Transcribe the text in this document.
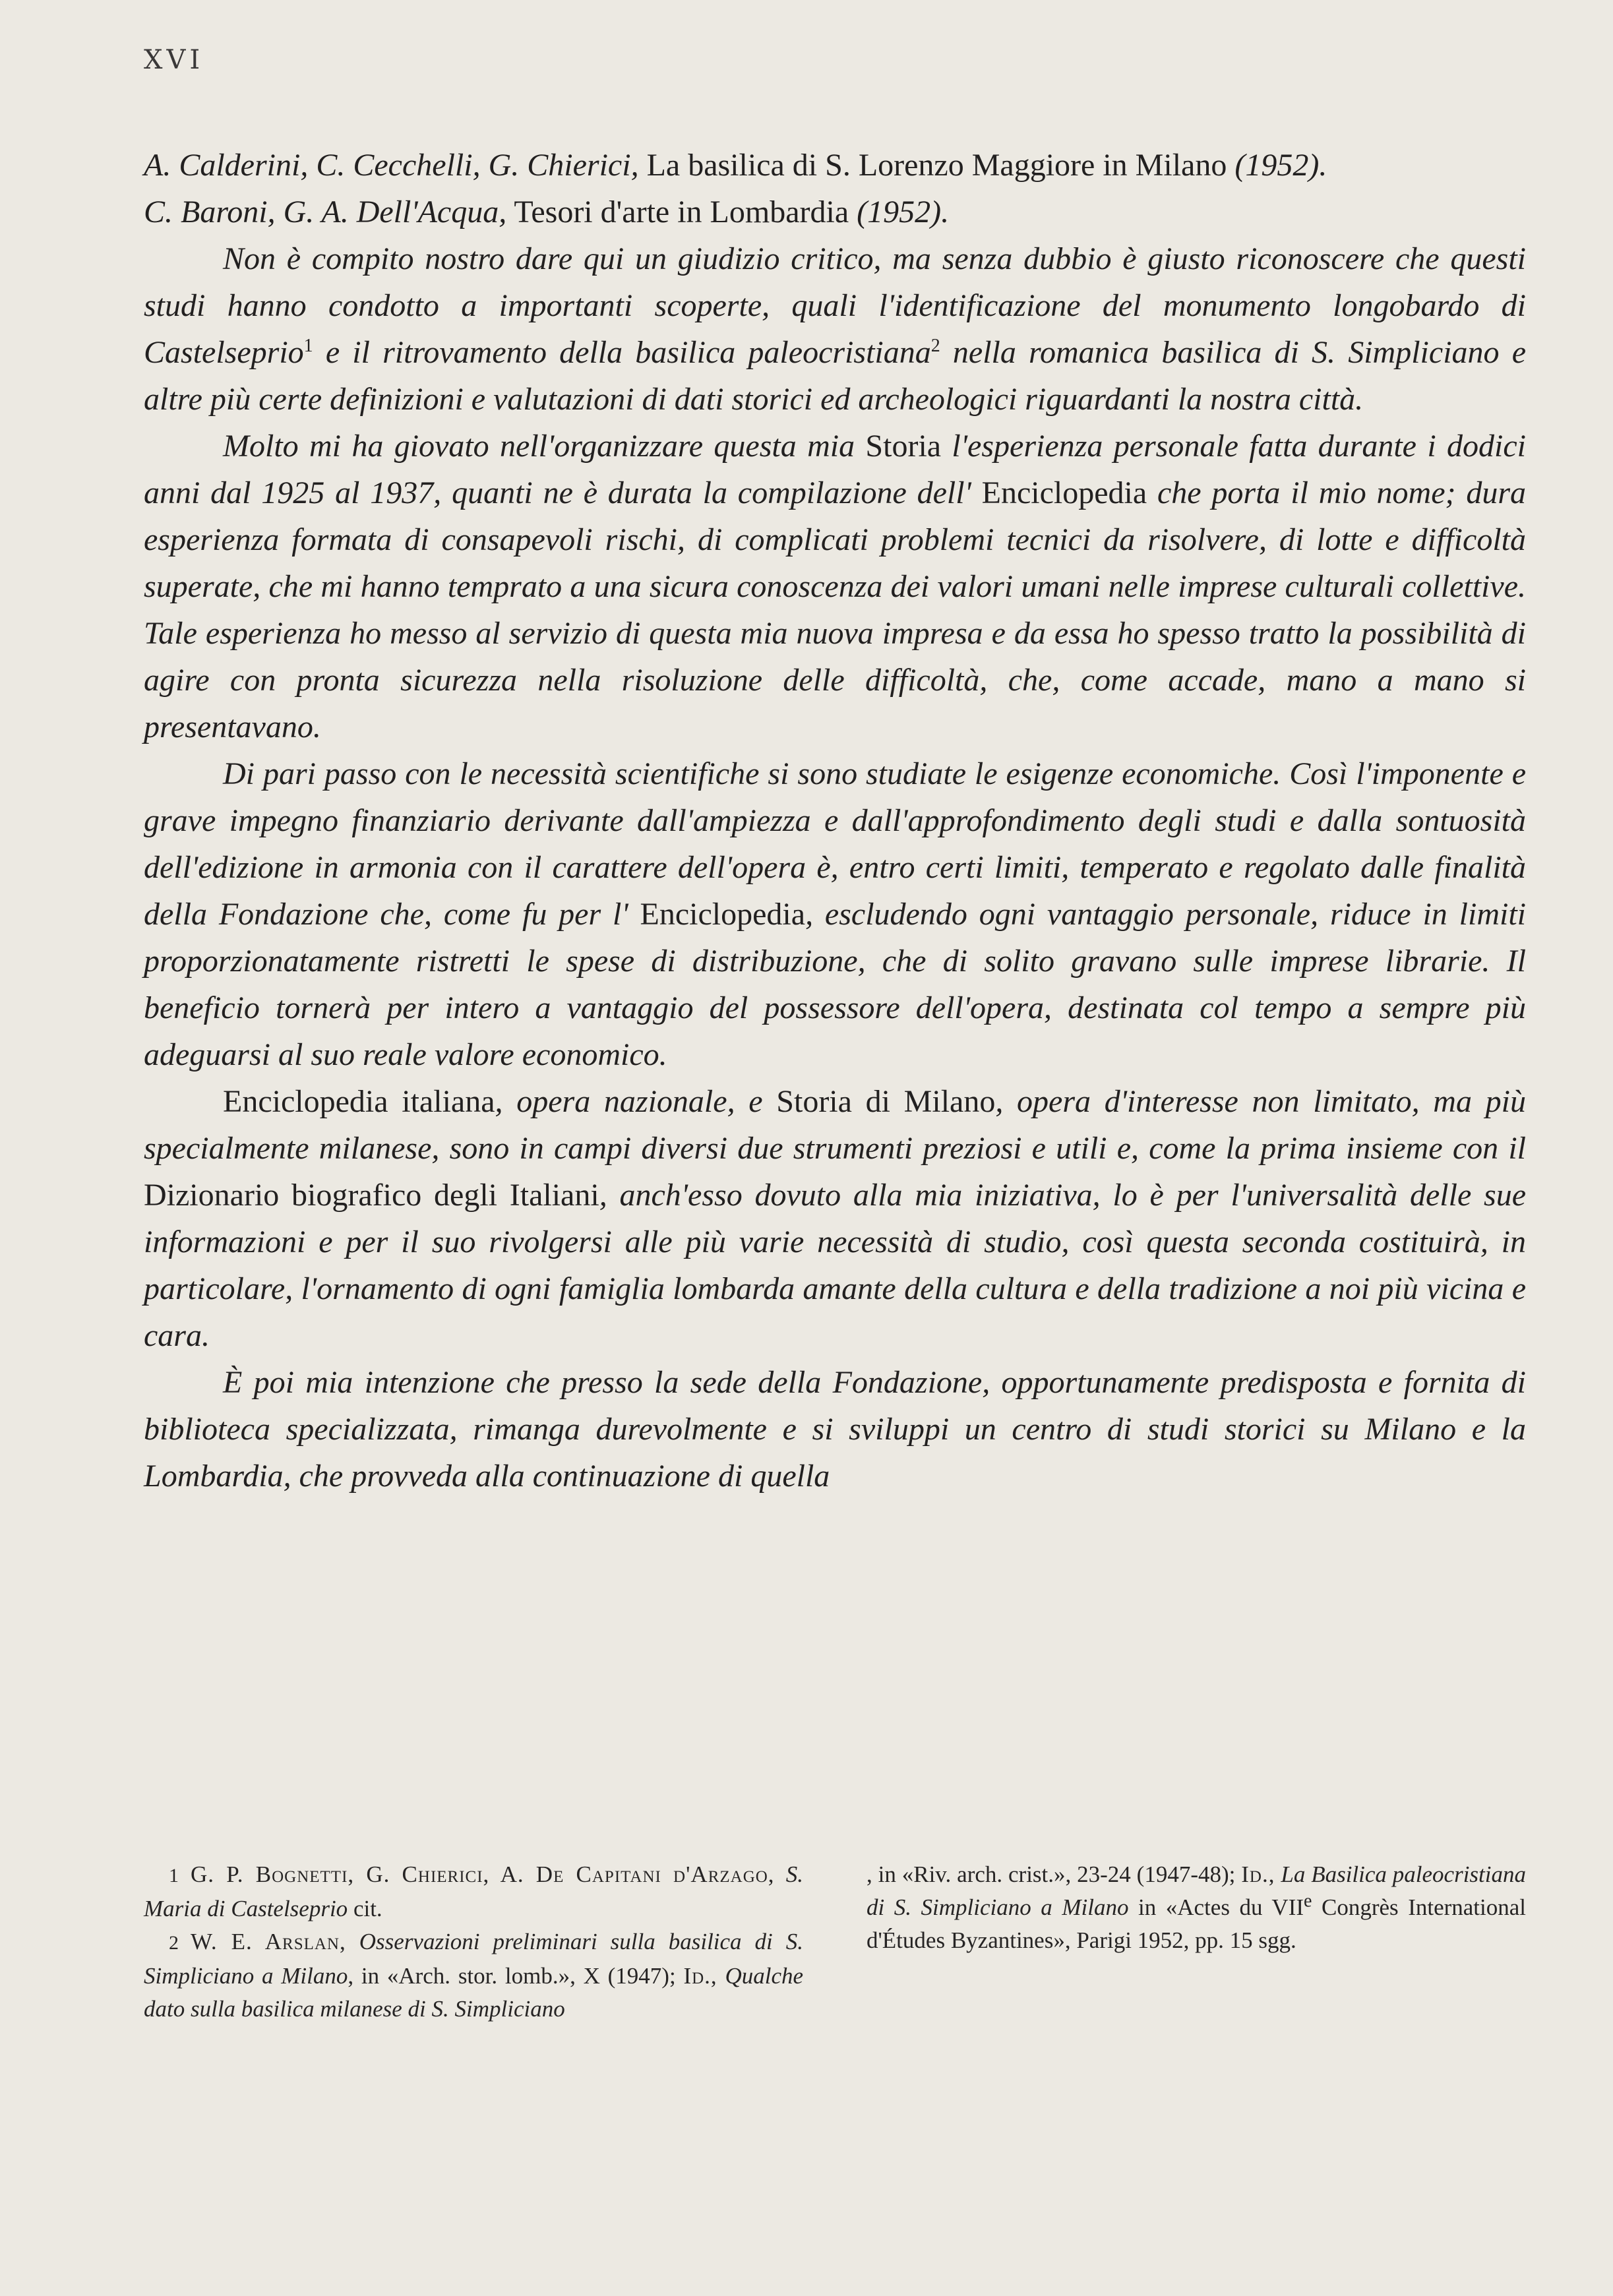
XVI

A. Calderini, C. Cecchelli, G. Chierici, La basilica di S. Lorenzo Maggiore in Milano (1952).

C. Baroni, G. A. Dell'Acqua, Tesori d'arte in Lombardia (1952).

Non è compito nostro dare qui un giudizio critico, ma senza dubbio è giusto riconoscere che questi studi hanno condotto a importanti scoperte, quali l'identificazione del monumento longobardo di Castelseprio$^1$ e il ritrovamento della basilica paleocristiana$^2$ nella romanica basilica di S. Simpliciano e altre più certe definizioni e valutazioni di dati storici ed archeologici riguardanti la nostra città.

Molto mi ha giovato nell'organizzare questa mia Storia l'esperienza personale fatta durante i dodici anni dal 1925 al 1937, quanti ne è durata la compilazione dell' Enciclopedia che porta il mio nome; dura esperienza formata di consapevoli rischi, di complicati problemi tecnici da risolvere, di lotte e difficoltà superate, che mi hanno temprato a una sicura conoscenza dei valori umani nelle imprese culturali collettive. Tale esperienza ho messo al servizio di questa mia nuova impresa e da essa ho spesso tratto la possibilità di agire con pronta sicurezza nella risoluzione delle difficoltà, che, come accade, mano a mano si presentavano.

Di pari passo con le necessità scientifiche si sono studiate le esigenze economiche. Così l'imponente e grave impegno finanziario derivante dall'ampiezza e dall'approfondimento degli studi e dalla sontuosità dell'edizione in armonia con il carattere dell'opera è, entro certi limiti, temperato e regolato dalle finalità della Fondazione che, come fu per l' Enciclopedia, escludendo ogni vantaggio personale, riduce in limiti proporzionatamente ristretti le spese di distribuzione, che di solito gravano sulle imprese librarie. Il beneficio tornerà per intero a vantaggio del possessore dell'opera, destinata col tempo a sempre più adeguarsi al suo reale valore economico.

Enciclopedia italiana, opera nazionale, e Storia di Milano, opera d'interesse non limitato, ma più specialmente milanese, sono in campi diversi due strumenti preziosi e utili e, come la prima insieme con il Dizionario biografico degli Italiani, anch'esso dovuto alla mia iniziativa, lo è per l'universalità delle sue informazioni e per il suo rivolgersi alle più varie necessità di studio, così questa seconda costituirà, in particolare, l'ornamento di ogni famiglia lombarda amante della cultura e della tradizione a noi più vicina e cara.

È poi mia intenzione che presso la sede della Fondazione, opportunamente predisposta e fornita di biblioteca specializzata, rimanga durevolmente e si sviluppi un centro di studi storici su Milano e la Lombardia, che provveda alla continuazione di quella

1 G. P. Bognetti, G. Chierici, A. De Capitani d'Arzago, S. Maria di Castelseprio cit.

2 W. E. Arslan, Osservazioni preliminari sulla basilica di S. Simpliciano a Milano, in «Arch. stor. lomb.», X (1947); Id., Qualche dato sulla basilica milanese di S. Simpliciano

, in «Riv. arch. crist.», 23-24 (1947-48); Id., La Basilica paleocristiana di S. Simpliciano a Milano in «Actes du VIIe Congrès International d'Études Byzantines», Parigi 1952, pp. 15 sgg.
